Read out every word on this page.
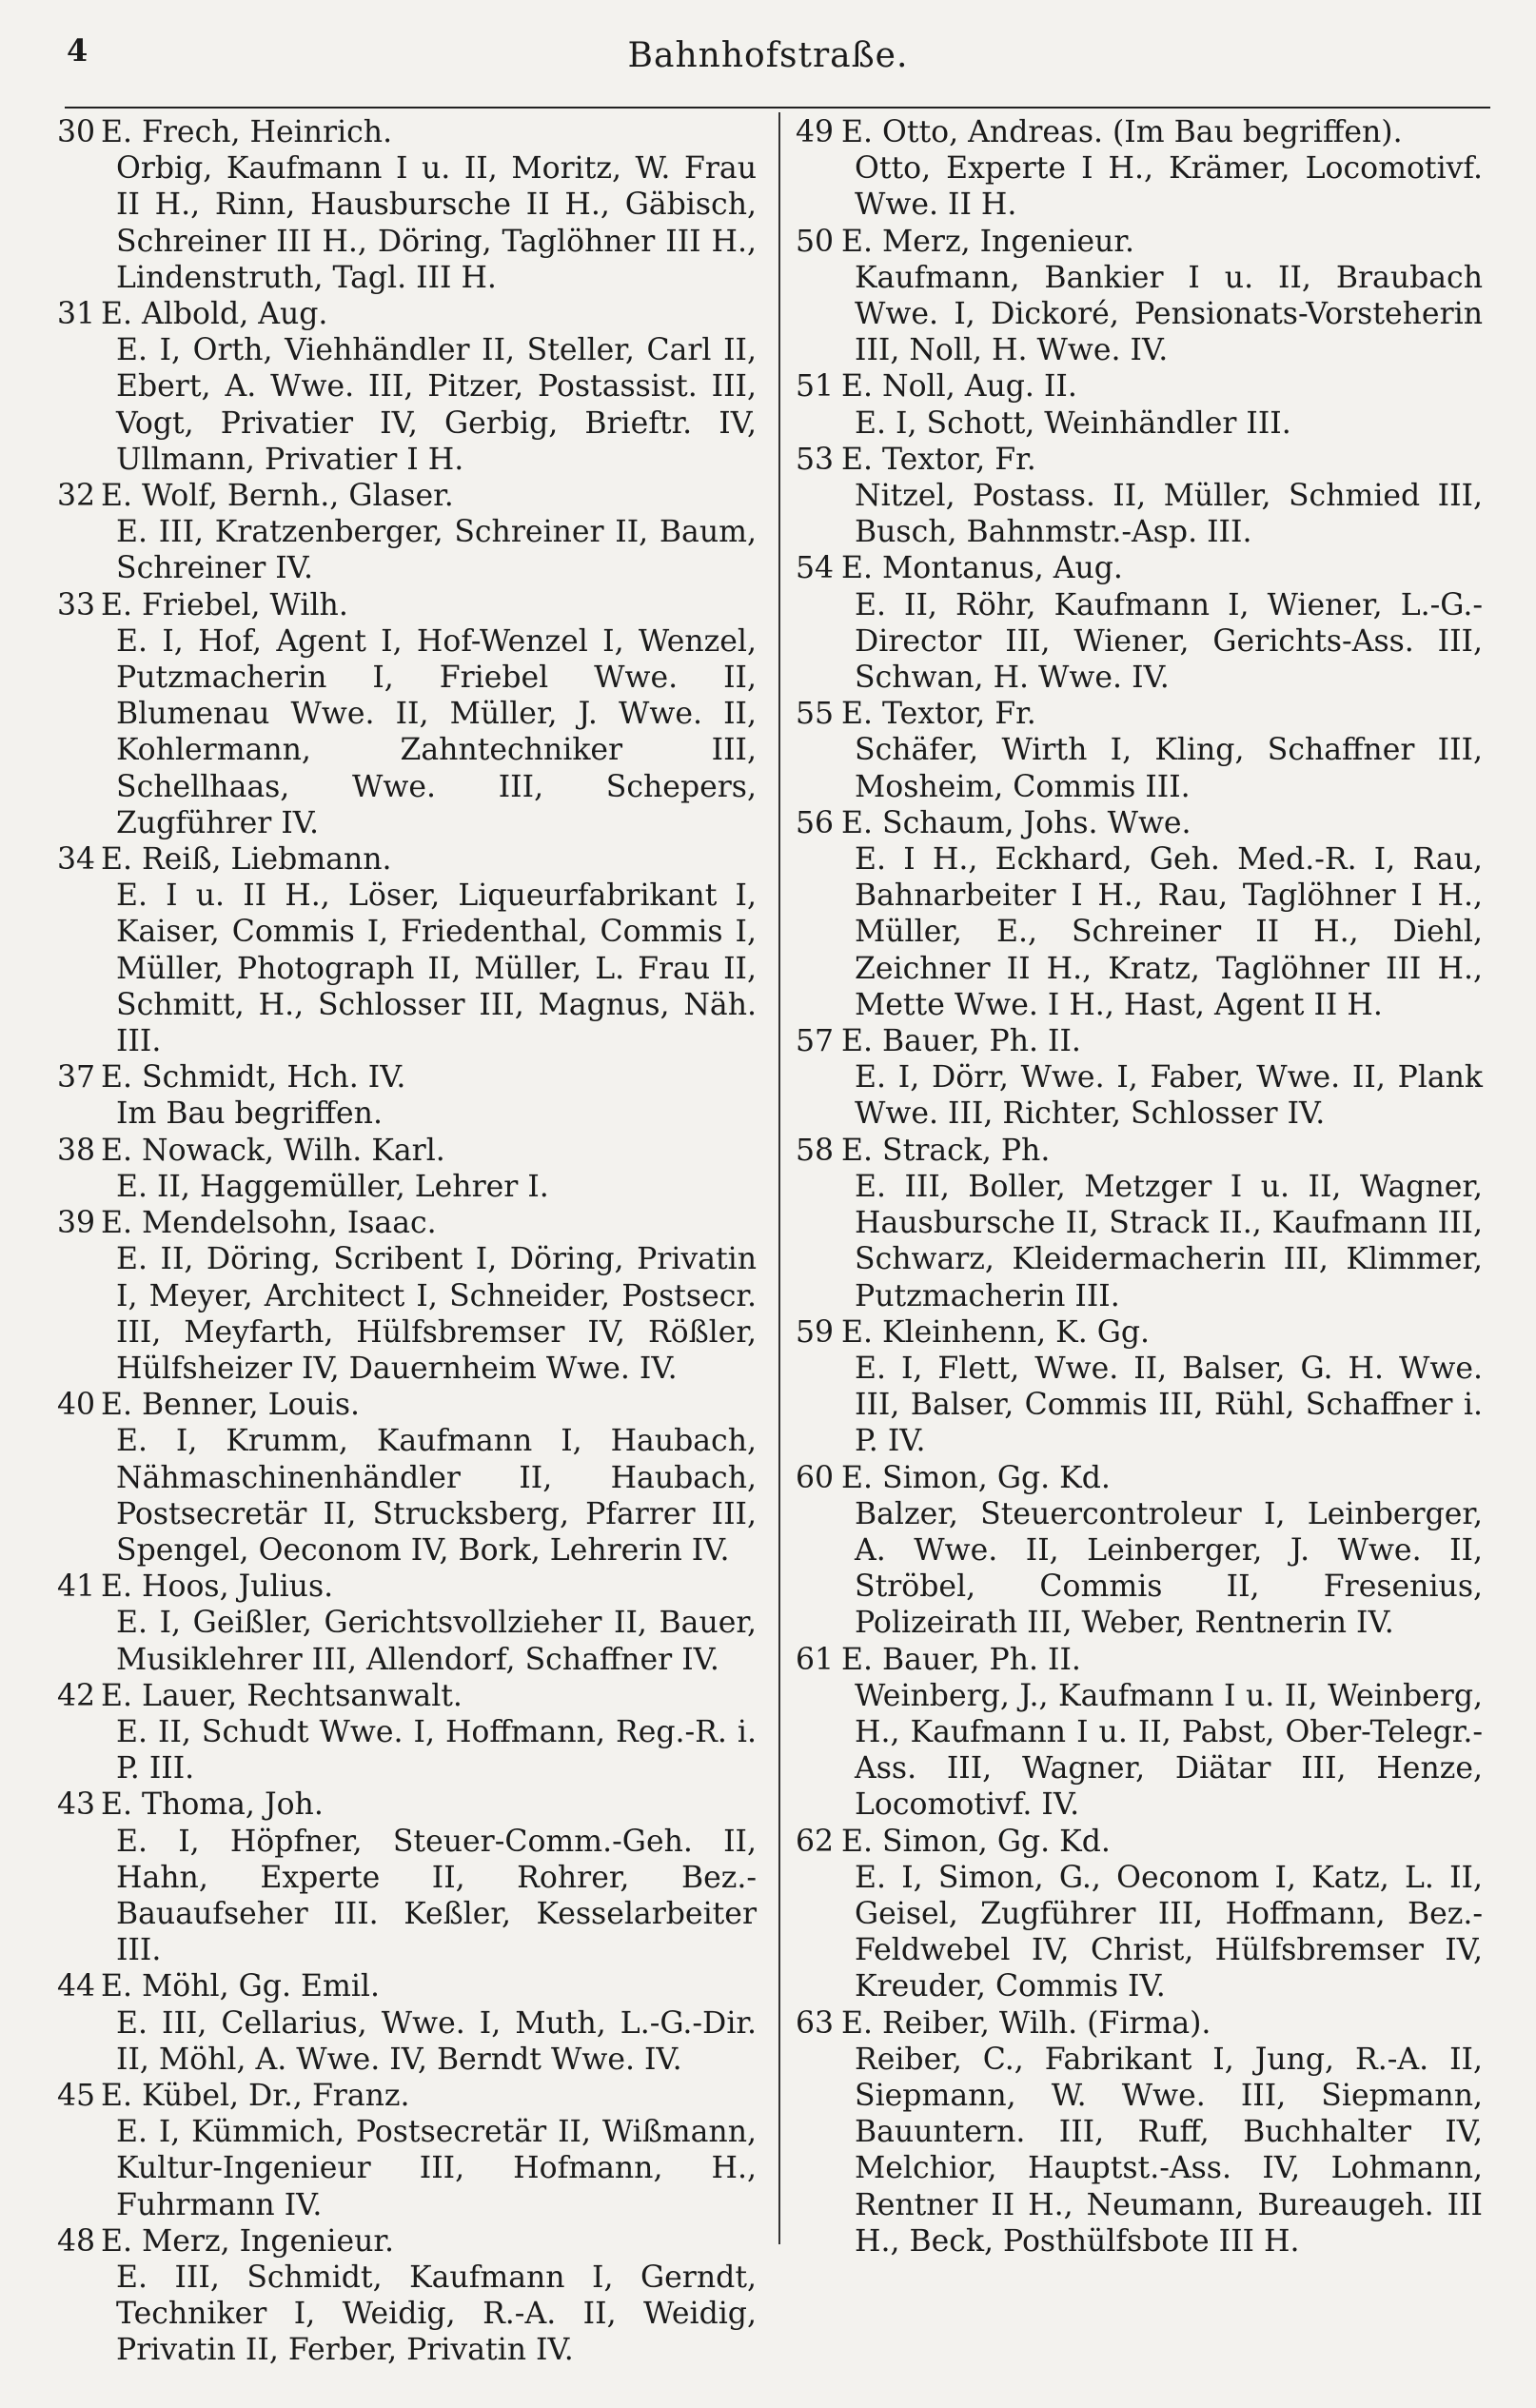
4	Bahnhofstraße.
30 E. Frech, Heinrich.

Orbig, Kaufmann I u. II, Moritz, W. Frau II H., Rinn, Hausbursche II H., Gäbisch, Schreiner III H., Döring, Taglöhner III H., Lindenstruth, Tagl. III H.

31 E. Albold, Aug.

E. I, Orth, Viehhändler II, Steller, Carl II, Ebert, A. Wwe. III, Pitzer, Postassist. III, Vogt, Privatier IV, Gerbig, Brieftr. IV, Ullmann, Privatier I H.

32 E. Wolf, Bernh., Glaser.

E. III, Kratzenberger, Schreiner II, Baum, Schreiner IV.

33 E. Friebel, Wilh.

E. I, Hof, Agent I, Hof-Wenzel I, Wenzel, Putzmacherin I, Friebel Wwe. II, Blumenau Wwe. II, Müller, J. Wwe. II, Kohlermann, Zahntechniker III, Schellhaas, Wwe. III, Schepers, Zugführer IV.

34 E. Reiß, Liebmann.

E. I u. II H., Löser, Liqueurfabrikant I, Kaiser, Commis I, Friedenthal, Commis I, Müller, Photograph II, Müller, L. Frau II, Schmitt, H., Schlosser III, Magnus, Näh. III.

37 E. Schmidt, Hch. IV.

Im Bau begriffen.

38 E. Nowack, Wilh. Karl.

E. II, Haggemüller, Lehrer I.

39 E. Mendelsohn, Isaac.

E. II, Döring, Scribent I, Döring, Privatin I, Meyer, Architect I, Schneider, Postsecr. III, Meyfarth, Hülfsbremser IV, Rößler, Hülfsheizer IV, Dauernheim Wwe. IV.

40 E. Benner, Louis.

E. I, Krumm, Kaufmann I, Haubach, Nähmaschinenhändler II, Haubach, Postsecretär II, Strucksberg, Pfarrer III, Spengel, Oeconom IV, Bork, Lehrerin IV.

41 E. Hoos, Julius.

E. I, Geißler, Gerichtsvollzieher II, Bauer, Musiklehrer III, Allendorf, Schaffner IV.

42 E. Lauer, Rechtsanwalt.

E. II, Schudt Wwe. I, Hoffmann, Reg.-R. i. P. III.

43 E. Thoma, Joh.

E. I, Höpfner, Steuer-Comm.-Geh. II, Hahn, Experte II, Rohrer, Bez.-Bauaufseher III. Keßler, Kesselarbeiter III.

44 E. Möhl, Gg. Emil.

E. III, Cellarius, Wwe. I, Muth, L.-G.-Dir. II, Möhl, A. Wwe. IV, Berndt Wwe. IV.

45 E. Kübel, Dr., Franz.

E. I, Kümmich, Postsecretär II, Wißmann, Kultur-Ingenieur III, Hofmann, H., Fuhrmann IV.

48 E. Merz, Ingenieur.

E. III, Schmidt, Kaufmann I, Gerndt, Techniker I, Weidig, R.-A. II, Weidig, Privatin II, Ferber, Privatin IV.

49 E. Otto, Andreas. (Im Bau begriffen).

Otto, Experte I H., Krämer, Locomotivf. Wwe. II H.

50 E. Merz, Ingenieur.

Kaufmann, Bankier I u. II, Braubach Wwe. I, Dickoré, Pensionats-Vorsteherin III, Noll, H. Wwe. IV.

51 E. Noll, Aug. II.

E. I, Schott, Weinhändler III.

53 E. Textor, Fr.

Nitzel, Postass. II, Müller, Schmied III, Busch, Bahnmstr.-Asp. III.

54 E. Montanus, Aug.

E. II, Röhr, Kaufmann I, Wiener, L.-G.-Director III, Wiener, Gerichts-Ass. III, Schwan, H. Wwe. IV.

55 E. Textor, Fr.

Schäfer, Wirth I, Kling, Schaffner III, Mosheim, Commis III.

56 E. Schaum, Johs. Wwe.

E. I H., Eckhard, Geh. Med.-R. I, Rau, Bahnarbeiter I H., Rau, Taglöhner I H., Müller, E., Schreiner II H., Diehl, Zeichner II H., Kratz, Taglöhner III H., Mette Wwe. I H., Hast, Agent II H.

57 E. Bauer, Ph. II.

E. I, Dörr, Wwe. I, Faber, Wwe. II, Plank Wwe. III, Richter, Schlosser IV.

58 E. Strack, Ph.

E. III, Boller, Metzger I u. II, Wagner, Hausbursche II, Strack II., Kaufmann III, Schwarz, Kleidermacherin III, Klimmer, Putzmacherin III.

59 E. Kleinhenn, K. Gg.

E. I, Flett, Wwe. II, Balser, G. H. Wwe. III, Balser, Commis III, Rühl, Schaffner i. P. IV.

60 E. Simon, Gg. Kd.

Balzer, Steuercontroleur I, Leinberger, A. Wwe. II, Leinberger, J. Wwe. II, Ströbel, Commis II, Fresenius, Polizeirath III, Weber, Rentnerin IV.

61 E. Bauer, Ph. II.

Weinberg, J., Kaufmann I u. II, Weinberg, H., Kaufmann I u. II, Pabst, Ober-Telegr.-Ass. III, Wagner, Diätar III, Henze, Locomotivf. IV.

62 E. Simon, Gg. Kd.

E. I, Simon, G., Oeconom I, Katz, L. II, Geisel, Zugführer III, Hoffmann, Bez.-Feldwebel IV, Christ, Hülfsbremser IV, Kreuder, Commis IV.

63 E. Reiber, Wilh. (Firma).

Reiber, C., Fabrikant I, Jung, R.-A. II, Siepmann, W. Wwe. III, Siepmann, Bauuntern. III, Ruff, Buchhalter IV, Melchior, Hauptst.-Ass. IV, Lohmann, Rentner II H., Neumann, Bureaugeh. III H., Beck, Posthülfsbote III H.
